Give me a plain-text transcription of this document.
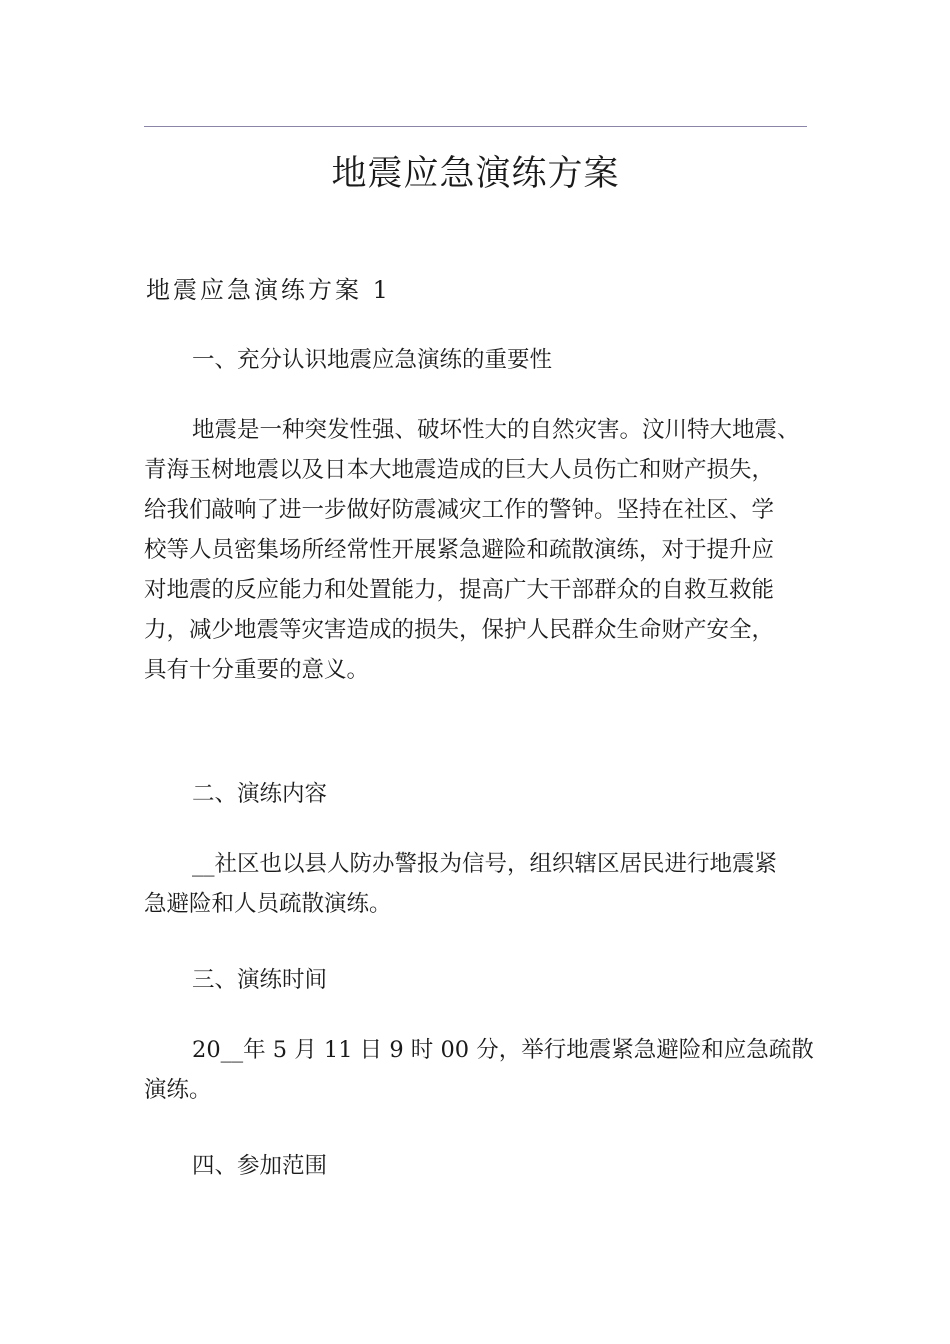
地震应急演练方案
地震应急演练方案 1
一、充分认识地震应急演练的重要性
地震是一种突发性强、破坏性大的自然灾害。汶川特大地震、
青海玉树地震以及日本大地震造成的巨大人员伤亡和财产损失，
给我们敲响了进一步做好防震减灾工作的警钟。坚持在社区、学
校等人员密集场所经常性开展紧急避险和疏散演练，对于提升应
对地震的反应能力和处置能力，提高广大干部群众的自救互救能
力，减少地震等灾害造成的损失，保护人民群众生命财产安全，
具有十分重要的意义。
二、演练内容
__社区也以县人防办警报为信号，组织辖区居民进行地震紧
急避险和人员疏散演练。
三、演练时间
20__年 5 月 11 日 9 时 00 分，举行地震紧急避险和应急疏散
演练。
四、参加范围
